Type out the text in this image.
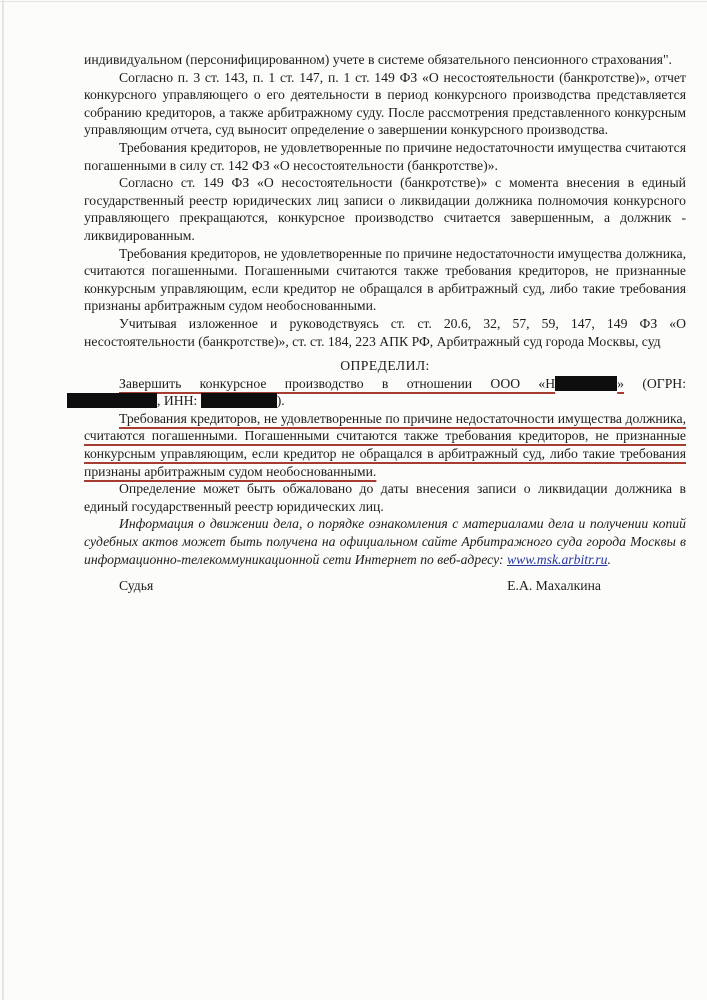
индивидуальном (персонифицированном) учете в системе обязательного пенсионного страхования".

Согласно п. 3 ст. 143, п. 1 ст. 147, п. 1 ст. 149 ФЗ «О несостоятельности (банкротстве)», отчет конкурсного управляющего о его деятельности в период конкурсного производства представляется собранию кредиторов, а также арбитражному суду. После рассмотрения представленного конкурсным управляющим отчета, суд выносит определение о завершении конкурсного производства.

Требования кредиторов, не удовлетворенные по причине недостаточности имущества считаются погашенными в силу ст. 142 ФЗ «О несостоятельности (банкротстве)».

Согласно ст. 149 ФЗ «О несостоятельности (банкротстве)» с момента внесения в единый государственный реестр юридических лиц записи о ликвидации должника полномочия конкурсного управляющего прекращаются, конкурсное производство считается завершенным, а должник - ликвидированным.

Требования кредиторов, не удовлетворенные по причине недостаточности имущества должника, считаются погашенными. Погашенными считаются также требования кредиторов, не признанные конкурсным управляющим, если кредитор не обращался в арбитражный суд, либо такие требования признаны арбитражным судом необоснованными.

Учитывая изложенное и руководствуясь ст. ст. 20.6, 32, 57, 59, 147, 149 ФЗ «О несостоятельности (банкротстве)», ст. ст. 184, 223 АПК РФ, Арбитражный суд города Москвы, суд

ОПРЕДЕЛИЛ:

Завершить конкурсное производство в отношении ООО «Н	» (ОГРН:

, ИНН:	).

Требования кредиторов, не удовлетворенные по причине недостаточности имущества должника, считаются погашенными. Погашенными считаются также требования кредиторов, не признанные конкурсным управляющим, если кредитор не обращался в арбитражный суд, либо такие требования признаны арбитражным судом необоснованными.

Определение может быть обжаловано до даты внесения записи о ликвидации должника в единый государственный реестр юридических лиц.

Информация о движении дела, о порядке ознакомления с материалами дела и получении копий судебных актов может быть получена на официальном сайте Арбитражного суда города Москвы в информационно-телекоммуникационной сети Интернет по веб-адресу: www.msk.arbitr.ru.

Судья	Е.А. Махалкина
